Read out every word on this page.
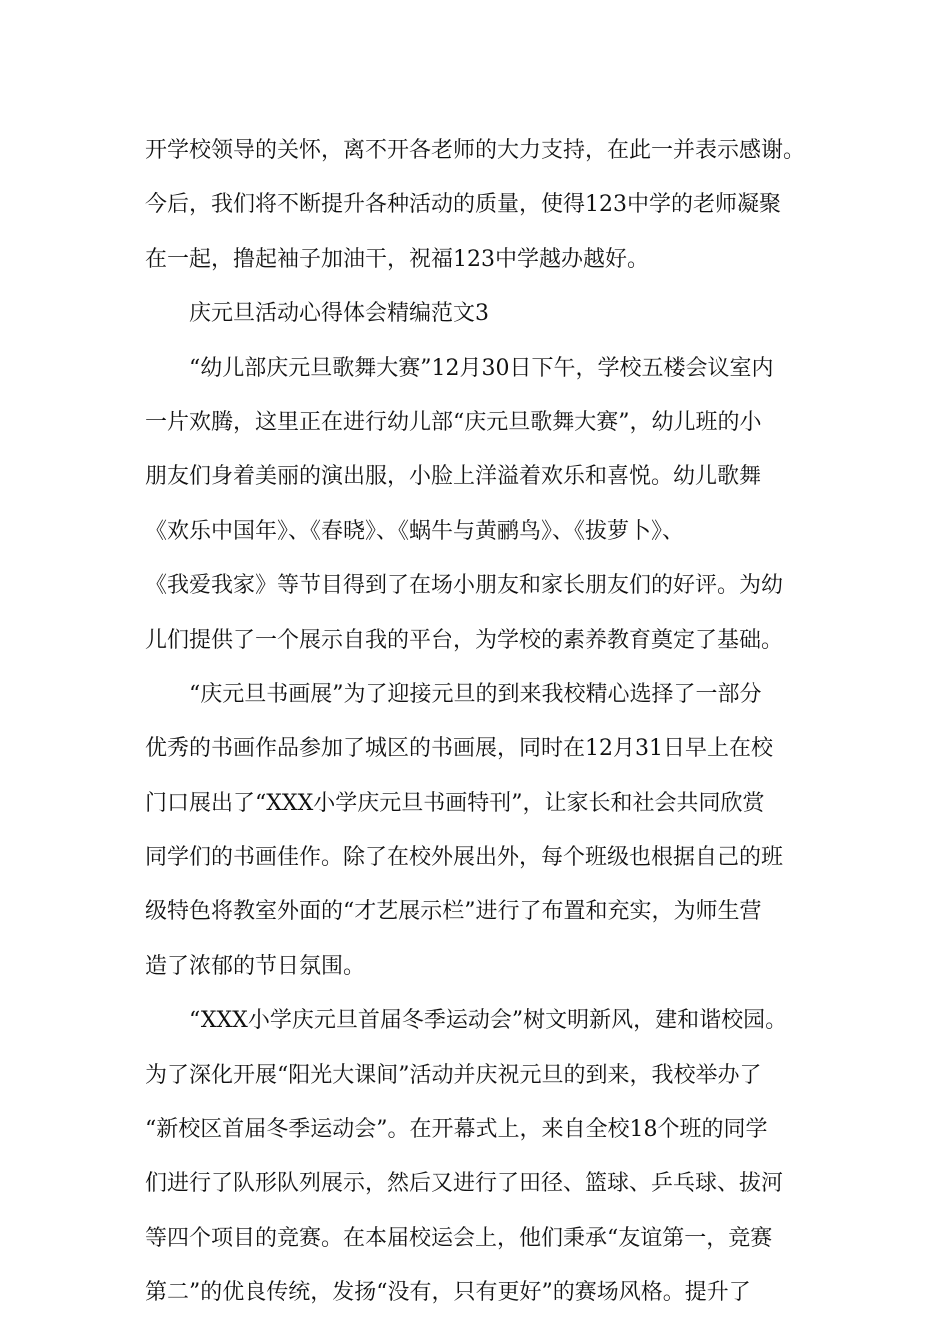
开学校领导的关怀，离不开各老师的大力支持，在此一并表示感谢。
今后，我们将不断提升各种活动的质量，使得123中学的老师凝聚
在一起，撸起袖子加油干，祝福123中学越办越好。
庆元旦活动心得体会精编范文3
“幼儿部庆元旦歌舞大赛”12月30日下午，学校五楼会议室内
一片欢腾，这里正在进行幼儿部“庆元旦歌舞大赛”，幼儿班的小
朋友们身着美丽的演出服，小脸上洋溢着欢乐和喜悦。幼儿歌舞
《欢乐中国年》、《春晓》、《蜗牛与黄鹂鸟》、《拔萝卜》、
《我爱我家》等节目得到了在场小朋友和家长朋友们的好评。为幼
儿们提供了一个展示自我的平台，为学校的素养教育奠定了基础。
“庆元旦书画展”为了迎接元旦的到来我校精心选择了一部分
优秀的书画作品参加了城区的书画展，同时在12月31日早上在校
门口展出了“XXX小学庆元旦书画特刊”，让家长和社会共同欣赏
同学们的书画佳作。除了在校外展出外，每个班级也根据自己的班
级特色将教室外面的“才艺展示栏”进行了布置和充实，为师生营
造了浓郁的节日氛围。
“XXX小学庆元旦首届冬季运动会”树文明新风，建和谐校园。
为了深化开展“阳光大课间”活动并庆祝元旦的到来，我校举办了
“新校区首届冬季运动会”。在开幕式上，来自全校18个班的同学
们进行了队形队列展示，然后又进行了田径、篮球、乒乓球、拔河
等四个项目的竞赛。在本届校运会上，他们秉承“友谊第一，竞赛
第二”的优良传统，发扬“没有，只有更好”的赛场风格。提升了
